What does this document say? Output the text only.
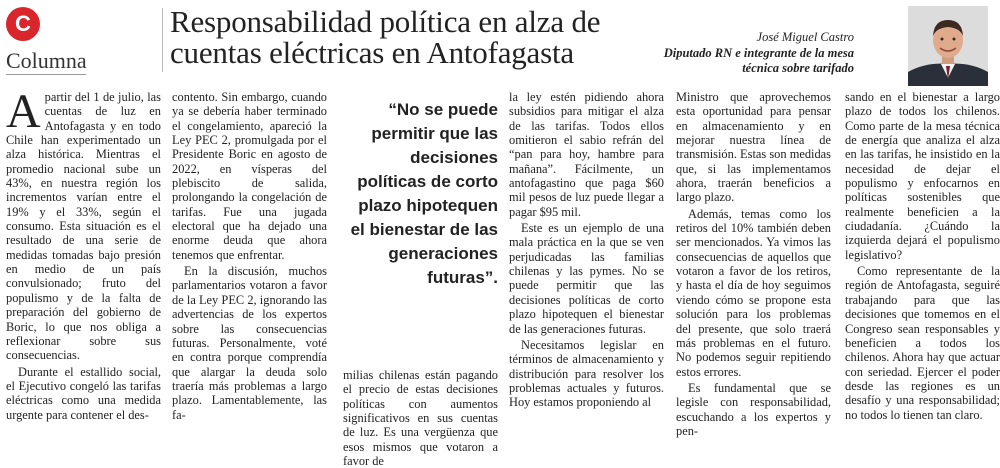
C
Columna
Responsabilidad política en alza de cuentas eléctricas en Antofagasta	José Miguel Castro
Diputado RN e integrante de la mesa técnica sobre tarifado

Apartir del 1 de julio, las cuentas de luz en Antofagasta y en todo Chile han experimentado un alza histórica. Mientras el promedio nacional sube un 43%, en nuestra región los incrementos varían entre el 19% y el 33%, según el consumo. Esta situación es el resultado de una serie de medidas tomadas bajo presión en medio de un país convulsionado; fruto del populismo y de la falta de preparación del gobierno de Boric, lo que nos obliga a reflexionar sobre sus consecuencias.

Durante el estallido social, el Ejecutivo congeló las tarifas eléctricas como una medida urgente para contener el des-

contento. Sin embargo, cuando ya se debería haber terminado el congelamiento, apareció la Ley PEC 2, promulgada por el Presidente Boric en agosto de 2022, en vísperas del plebiscito de salida, prolongando la congelación de tarifas. Fue una jugada electoral que ha dejado una enorme deuda que ahora tenemos que enfrentar.

En la discusión, muchos parlamentarios votaron a favor de la Ley PEC 2, ignorando las advertencias de los expertos sobre las consecuencias futuras. Personalmente, voté en contra porque comprendía que alargar la deuda solo traería más problemas a largo plazo. Lamentablemente, las fa-

“No se puede permitir que las decisiones políticas de corto plazo hipotequen el bienestar de las generaciones futuras”.

milias chilenas están pagando el precio de estas decisiones políticas con aumentos significativos en sus cuentas de luz. Es una vergüenza que esos mismos que votaron a favor de

la ley estén pidiendo ahora subsidios para mitigar el alza de las tarifas. Todos ellos omitieron el sabio refrán del “pan para hoy, hambre para mañana”. Fácilmente, un antofagastino que paga $60 mil pesos de luz puede llegar a pagar $95 mil.

Este es un ejemplo de una mala práctica en la que se ven perjudicadas las familias chilenas y las pymes. No se puede permitir que las decisiones políticas de corto plazo hipotequen el bienestar de las generaciones futuras.

Necesitamos legislar en términos de almacenamiento y distribución para resolver los problemas actuales y futuros. Hoy estamos proponiendo al

Ministro que aprovechemos esta oportunidad para pensar en almacenamiento y en mejorar nuestra línea de transmisión. Estas son medidas que, si las implementamos ahora, traerán beneficios a largo plazo.

Además, temas como los retiros del 10% también deben ser mencionados. Ya vimos las consecuencias de aquellos que votaron a favor de los retiros, y hasta el día de hoy seguimos viendo cómo se propone esta solución para los problemas del presente, que solo traerá más problemas en el futuro. No podemos seguir repitiendo estos errores.

Es fundamental que se legisle con responsabilidad, escuchando a los expertos y pen-

sando en el bienestar a largo plazo de todos los chilenos. Como parte de la mesa técnica de energía que analiza el alza en las tarifas, he insistido en la necesidad de dejar el populismo y enfocarnos en políticas sostenibles que realmente beneficien a la ciudadanía. ¿Cuándo la izquierda dejará el populismo legislativo?

Como representante de la región de Antofagasta, seguiré trabajando para que las decisiones que tomemos en el Congreso sean responsables y beneficien a todos los chilenos. Ahora hay que actuar con seriedad. Ejercer el poder desde las regiones es un desafío y una responsabilidad; no todos lo tienen tan claro.
